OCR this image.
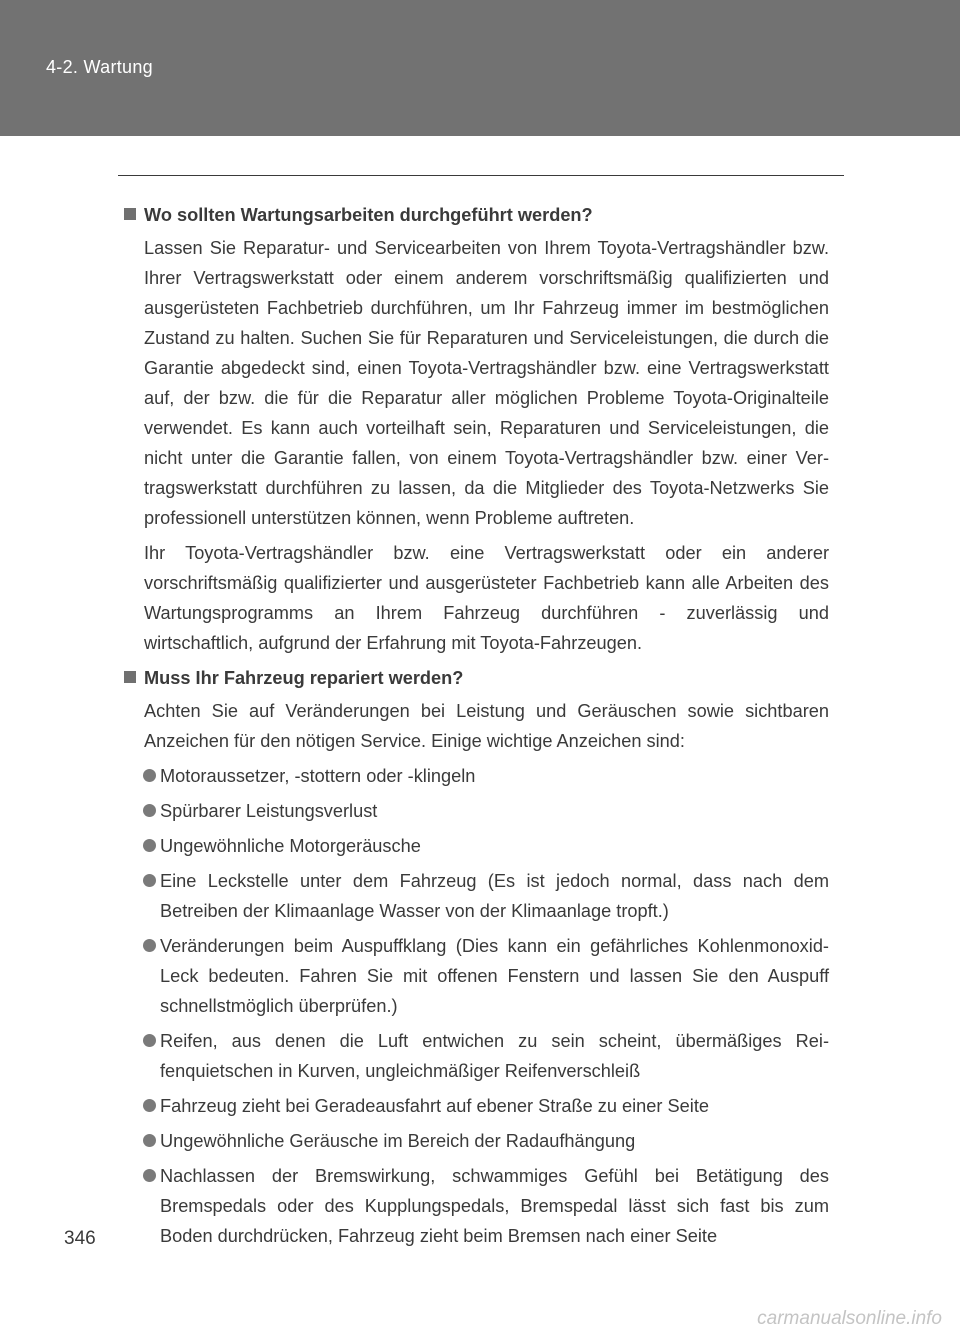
4-2. Wartung
Wo sollten Wartungsarbeiten durchgeführt werden?
Lassen Sie Reparatur- und Servicearbeiten von Ihrem Toyota-Vertragshändler bzw. Ihrer Vertragswerkstatt oder einem anderem vorschriftsmäßig qualifizierten und ausgerüsteten Fachbetrieb durchführen, um Ihr Fahrzeug immer im bestmöglichen Zustand zu halten. Suchen Sie für Reparaturen und Serviceleistungen, die durch die Garantie abgedeckt sind, einen Toyota-Vertragshändler bzw. eine Vertragswerkstatt auf, der bzw. die für die Reparatur aller möglichen Probleme Toyota-Originalteile verwendet. Es kann auch vorteilhaft sein, Reparaturen und Serviceleistungen, die nicht unter die Garantie fallen, von einem Toyota-Vertragshändler bzw. einer Vertragswerkstatt durchführen zu lassen, da die Mitglieder des Toyota-Netzwerks Sie professionell unterstützen können, wenn Probleme auftreten.
Ihr Toyota-Vertragshändler bzw. eine Vertragswerkstatt oder ein anderer vorschriftsmäßig qualifizierter und ausgerüsteter Fachbetrieb kann alle Arbeiten des Wartungsprogramms an Ihrem Fahrzeug durchführen - zuverlässig und wirtschaftlich, aufgrund der Erfahrung mit Toyota-Fahrzeugen.
Muss Ihr Fahrzeug repariert werden?
Achten Sie auf Veränderungen bei Leistung und Geräuschen sowie sichtbaren Anzeichen für den nötigen Service. Einige wichtige Anzeichen sind:
Motoraussetzer, -stottern oder -klingeln
Spürbarer Leistungsverlust
Ungewöhnliche Motorgeräusche
Eine Leckstelle unter dem Fahrzeug (Es ist jedoch normal, dass nach dem Betreiben der Klimaanlage Wasser von der Klimaanlage tropft.)
Veränderungen beim Auspuffklang (Dies kann ein gefährliches Kohlenmonoxid-Leck bedeuten. Fahren Sie mit offenen Fenstern und lassen Sie den Auspuff schnellstmöglich überprüfen.)
Reifen, aus denen die Luft entwichen zu sein scheint, übermäßiges Reifenquietschen in Kurven, ungleichmäßiger Reifenverschleiß
Fahrzeug zieht bei Geradeausfahrt auf ebener Straße zu einer Seite
Ungewöhnliche Geräusche im Bereich der Radaufhängung
Nachlassen der Bremswirkung, schwammiges Gefühl bei Betätigung des Bremspedals oder des Kupplungspedals, Bremspedal lässt sich fast bis zum Boden durchdrücken, Fahrzeug zieht beim Bremsen nach einer Seite
346
carmanualsonline.info
